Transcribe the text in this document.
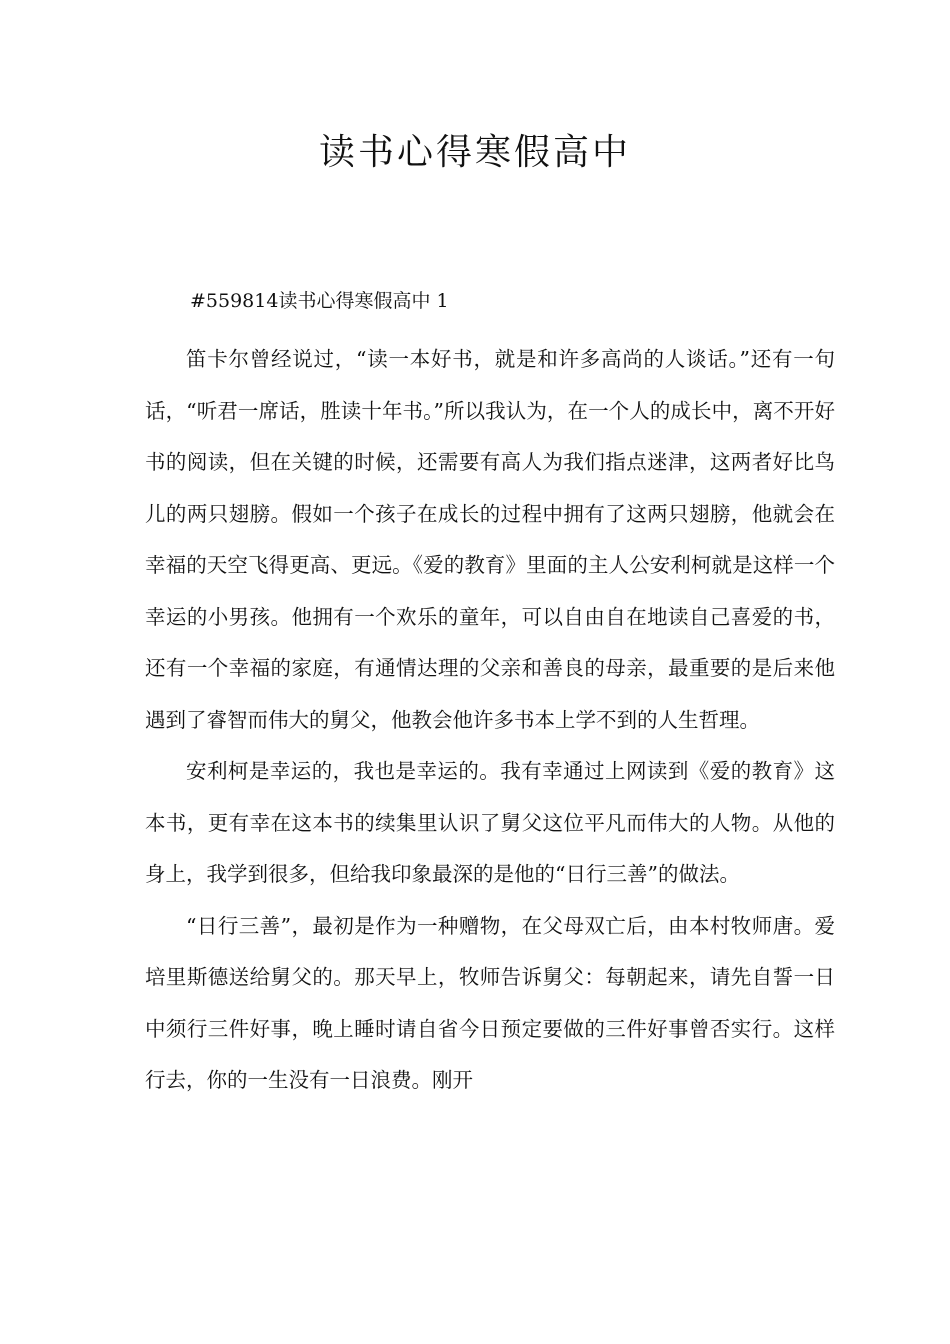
读书心得寒假高中

#559814读书心得寒假高中 1

笛卡尔曾经说过，“读一本好书，就是和许多高尚的人谈话。”还有一句话，“听君一席话，胜读十年书。”所以我认为，在一个人的成长中，离不开好书的阅读，但在关键的时候，还需要有高人为我们指点迷津，这两者好比鸟儿的两只翅膀。假如一个孩子在成长的过程中拥有了这两只翅膀，他就会在幸福的天空飞得更高、更远。《爱的教育》里面的主人公安利柯就是这样一个幸运的小男孩。他拥有一个欢乐的童年，可以自由自在地读自己喜爱的书，还有一个幸福的家庭，有通情达理的父亲和善良的母亲，最重要的是后来他遇到了睿智而伟大的舅父，他教会他许多书本上学不到的人生哲理。

安利柯是幸运的，我也是幸运的。我有幸通过上网读到《爱的教育》这本书，更有幸在这本书的续集里认识了舅父这位平凡而伟大的人物。从他的身上，我学到很多，但给我印象最深的是他的“日行三善”的做法。

“日行三善”，最初是作为一种赠物，在父母双亡后，由本村牧师唐。爱培里斯德送给舅父的。那天早上，牧师告诉舅父：每朝起来，请先自誓一日中须行三件好事，晚上睡时请自省今日预定要做的三件好事曾否实行。这样行去，你的一生没有一日浪费。刚开
